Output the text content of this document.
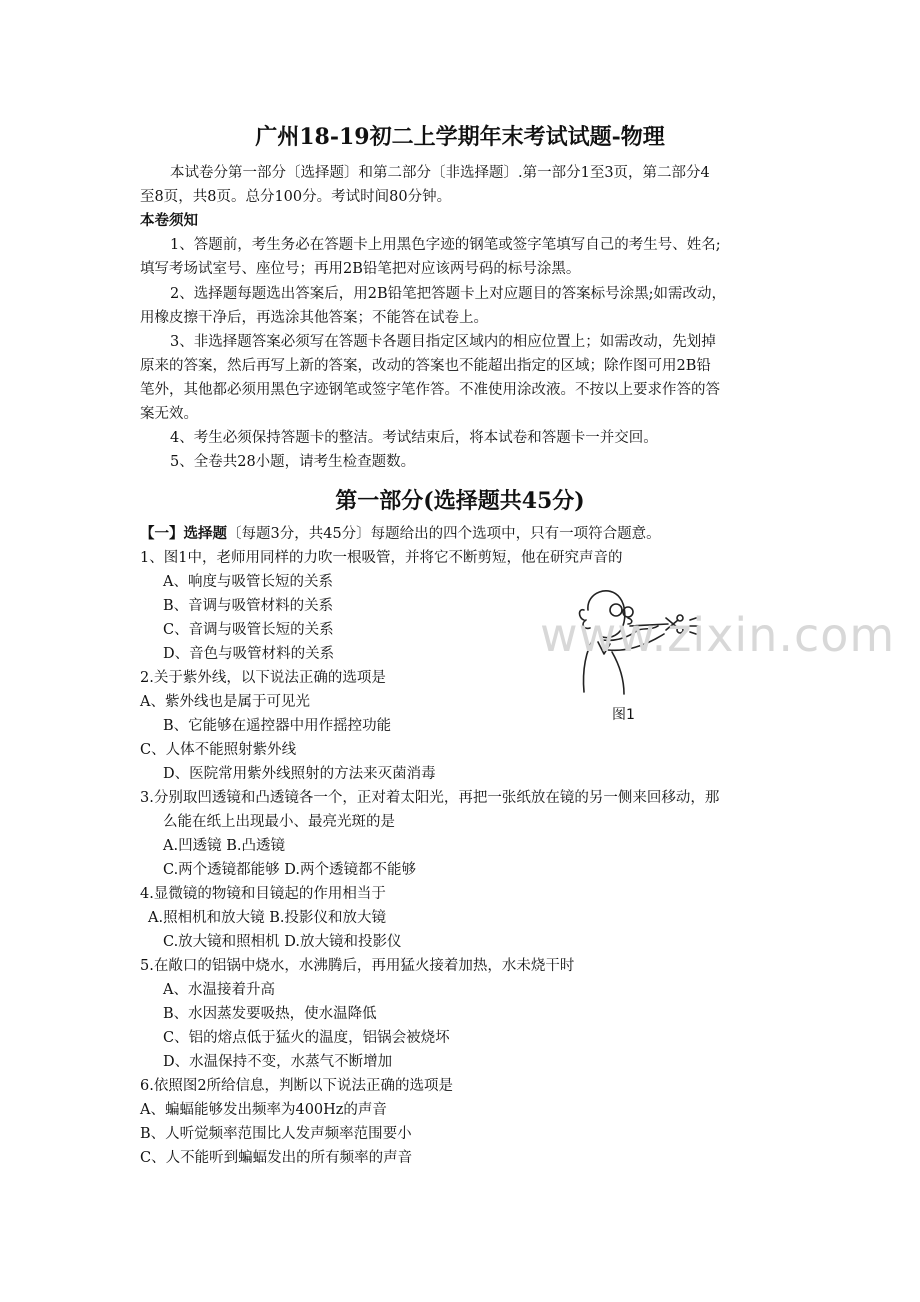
广州18-19初二上学期年末考试试题-物理
本试卷分第一部分〔选择题〕和第二部分〔非选择题〕.第一部分1至3页，第二部分4
至8页，共8页。总分100分。考试时间80分钟。
本卷须知
1、答题前，考生务必在答题卡上用黑色字迹的钢笔或签字笔填写自己的考生号、姓名;
填写考场试室号、座位号；再用2B铅笔把对应该两号码的标号涂黑。
2、选择题每题选出答案后，用2B铅笔把答题卡上对应题目的答案标号涂黑;如需改动，
用橡皮擦干净后，再选涂其他答案；不能答在试卷上。
3、非选择题答案必须写在答题卡各题目指定区域内的相应位置上；如需改动，先划掉
原来的答案，然后再写上新的答案，改动的答案也不能超出指定的区域；除作图可用2B铅
笔外，其他都必须用黑色字迹钢笔或签字笔作答。不准使用涂改液。不按以上要求作答的答
案无效。
4、考生必须保持答题卡的整洁。考试结束后，将本试卷和答题卡一并交回。
5、全卷共28小题，请考生检查题数。
第一部分(选择题共45分)
【一】选择题〔每题3分，共45分〕每题给出的四个选项中，只有一项符合题意。
1、图1中，老师用同样的力吹一根吸管，并将它不断剪短，他在研究声音的
A、响度与吸管长短的关系
B、音调与吸管材料的关系
C、音调与吸管长短的关系
D、音色与吸管材料的关系
2.关于紫外线，以下说法正确的选项是
A、紫外线也是属于可见光
B、它能够在遥控器中用作摇控功能
C、人体不能照射紫外线
D、医院常用紫外线照射的方法来灭菌消毒
3.分别取凹透镜和凸透镜各一个，正对着太阳光，再把一张纸放在镜的另一侧来回移动，那
么能在纸上出现最小、最亮光斑的是
A.凹透镜 B.凸透镜
C.两个透镜都能够 D.两个透镜都不能够
4.显微镜的物镜和目镜起的作用相当于
A.照相机和放大镜 B.投影仪和放大镜
C.放大镜和照相机 D.放大镜和投影仪
5.在敞口的铝锅中烧水，水沸腾后，再用猛火接着加热，水未烧干时
A、水温接着升高
B、水因蒸发要吸热，使水温降低
C、铝的熔点低于猛火的温度，铝锅会被烧坏
D、水温保持不变，水蒸气不断增加
6.依照图2所给信息，判断以下说法正确的选项是
A、蝙蝠能够发出频率为400Hz的声音
B、人听觉频率范围比人发声频率范围要小
C、人不能听到蝙蝠发出的所有频率的声音
图1
www.zixin.com
